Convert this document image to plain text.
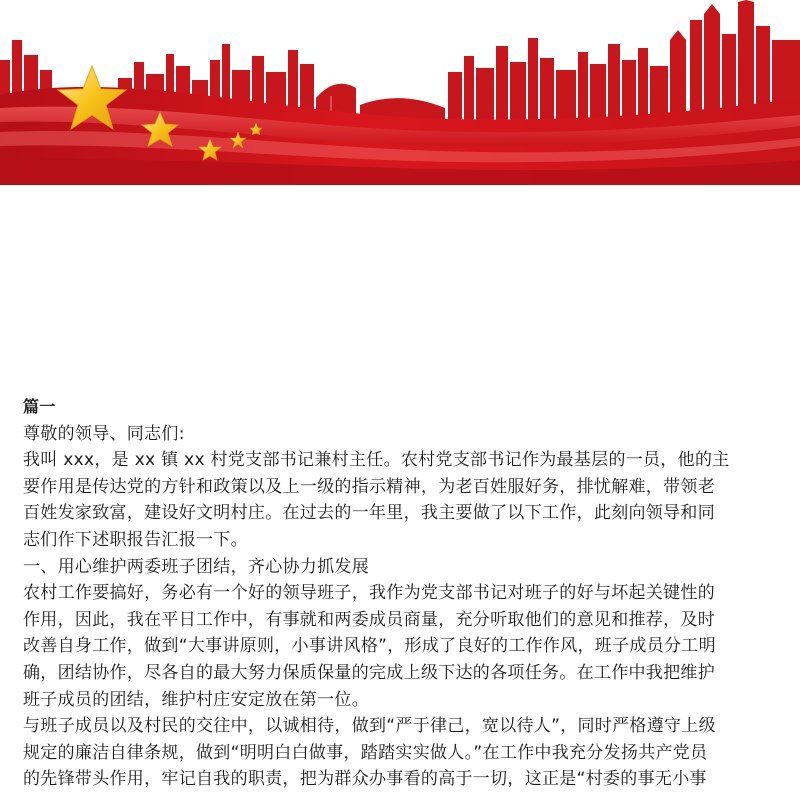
篇一

尊敬的领导、同志们:

我叫 xxx，是 xx 镇 xx 村党支部书记兼村主任。农村党支部书记作为最基层的一员，他的主

要作用是传达党的方针和政策以及上一级的指示精神，为老百姓服好务，排忧解难，带领老

百姓发家致富，建设好文明村庄。在过去的一年里，我主要做了以下工作，此刻向领导和同

志们作下述职报告汇报一下。

一、用心维护两委班子团结，齐心协力抓发展

农村工作要搞好，务必有一个好的领导班子，我作为党支部书记对班子的好与坏起关键性的

作用，因此，我在平日工作中，有事就和两委成员商量，充分听取他们的意见和推荐，及时

改善自身工作，做到“大事讲原则，小事讲风格”，形成了良好的工作作风，班子成员分工明

确，团结协作，尽各自的最大努力保质保量的完成上级下达的各项任务。在工作中我把维护

班子成员的团结，维护村庄安定放在第一位。

与班子成员以及村民的交往中，以诚相待，做到“严于律己，宽以待人”，同时严格遵守上级

规定的廉洁自律条规，做到“明明白白做事，踏踏实实做人。”在工作中我充分发扬共产党员

的先锋带头作用，牢记自我的职责，把为群众办事看的高于一切，这正是“村委的事无小事
